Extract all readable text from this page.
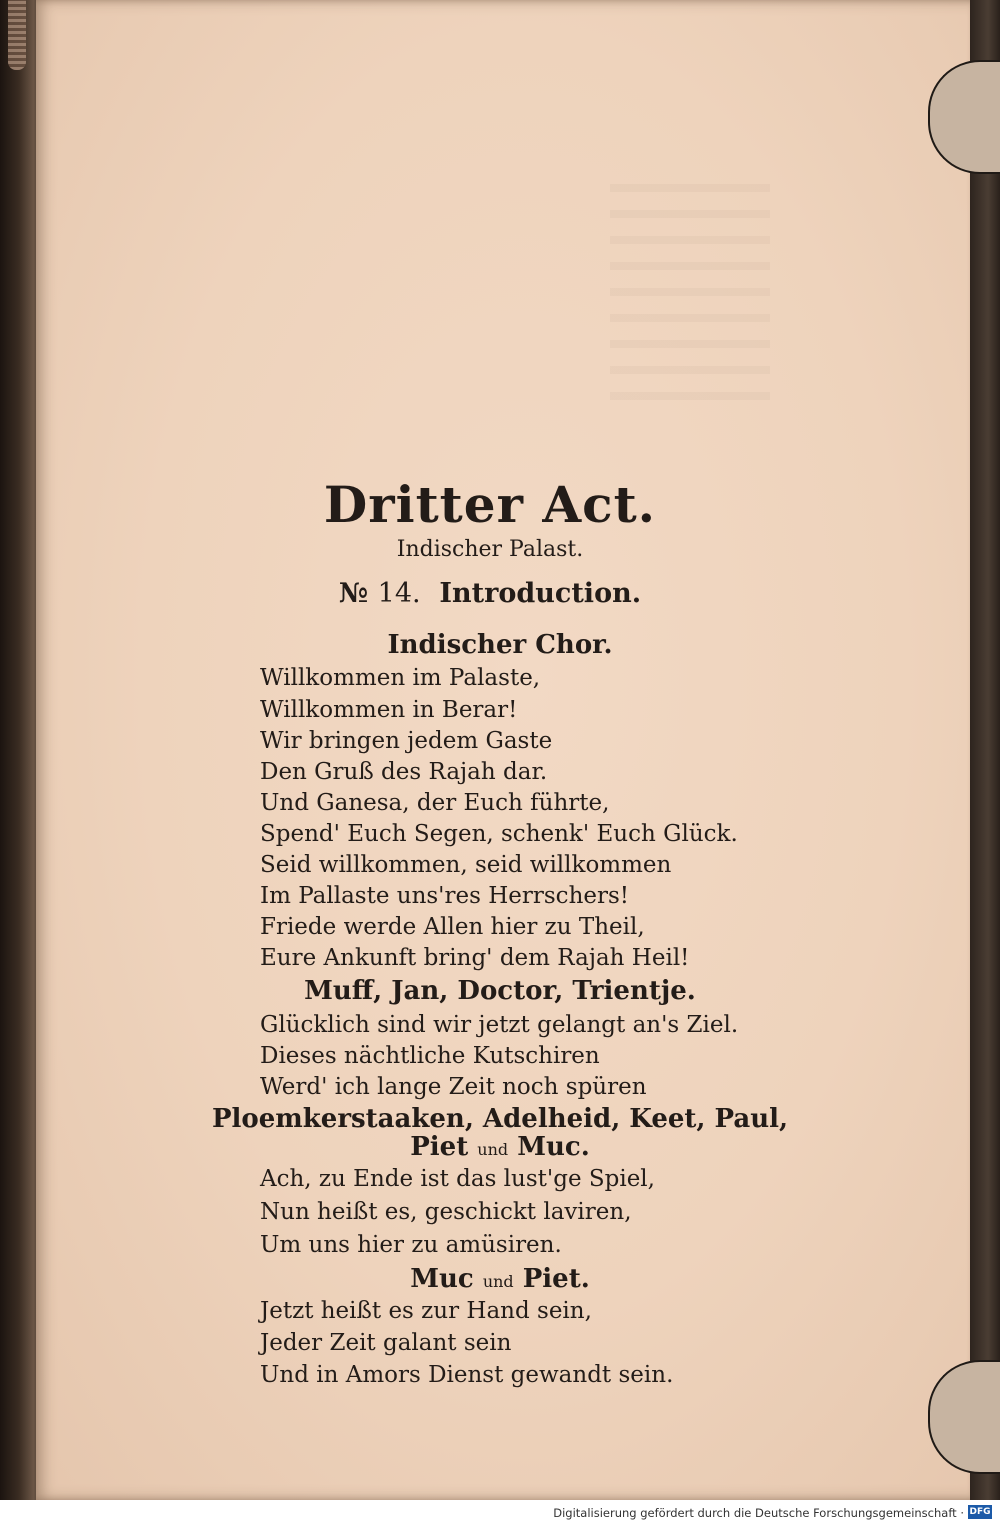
Dritter Act.
Indischer Palast.
№ 14. Introduction.
Indischer Chor.
Willkommen im Palaste,
Willkommen in Berar!
Wir bringen jedem Gaste
Den Gruß des Rajah dar.
Und Ganesa, der Euch führte,
Spend' Euch Segen, schenk' Euch Glück.
Seid willkommen, seid willkommen
Im Pallaste uns'res Herrschers!
Friede werde Allen hier zu Theil,
Eure Ankunft bring' dem Rajah Heil!
Muff, Jan, Doctor, Trientje.
Glücklich sind wir jetzt gelangt an's Ziel.
Dieses nächtliche Kutschiren
Werd' ich lange Zeit noch spüren
Ploemkerstaaken, Adelheid, Keet, Paul,
Piet und Muc.
Ach, zu Ende ist das lust'ge Spiel,
Nun heißt es, geschickt laviren,
Um uns hier zu amüsiren.
Muc und Piet.
Jetzt heißt es zur Hand sein,
Jeder Zeit galant sein
Und in Amors Dienst gewandt sein.
Digitalisierung gefördert durch die Deutsche Forschungsgemeinschaft · DFG
